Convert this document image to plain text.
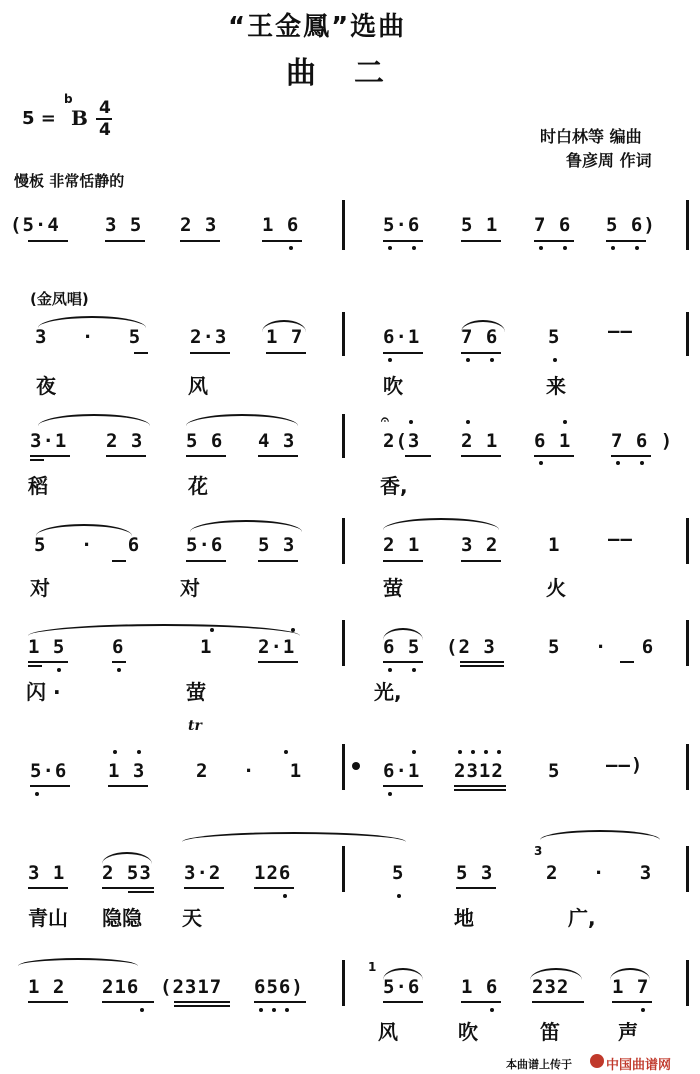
“王金鳳”选曲
曲二
5 =
b
B 4
4	时白林等 编曲
鲁彦周 作词
慢板 非常恬静的
(5·4 3 5 2 3 1 6	5·6 5 1 7 6 5 6)
(金凤唱)
3 · 5 2·3 1 7	6·1 7 6	5	——
夜	风	吹	来
3·1 2 3 5 6 4 3
𝄐
2(3 2 1 6 1 7 6 )
稻	花	香,
5 · 6 5·6 5 3	2 1 3 2	1	——
对	对	萤	火
1 5 6	1 2·1	6 5 (2 3	5 · 6
闪 ·	萤	光,
tr
5·6 1 3	2 · 1	6·1 2312 5 ——)
3
3 1 2 53 3·2 126	5	5 3	2 · 3
青山 隐隐 天	地	广,
1
1 2 216 (2317 656)	5·6 1 6 232 1 7
风	吹	笛	声
本曲谱上传于	中国曲谱网
